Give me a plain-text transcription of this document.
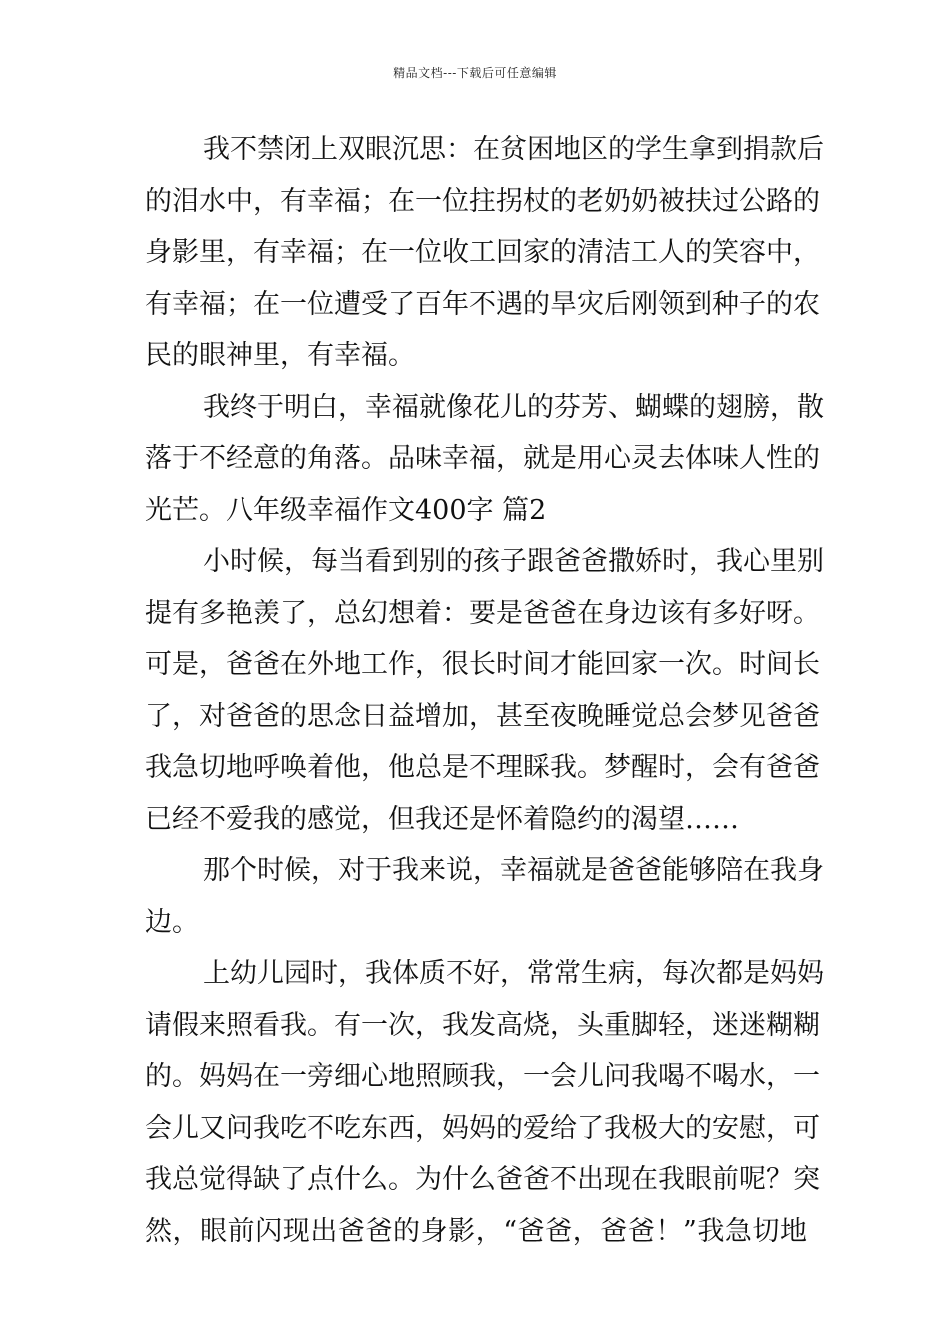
精品文档---下载后可任意编辑
我不禁闭上双眼沉思：在贫困地区的学生拿到捐款后
的泪水中，有幸福；在一位拄拐杖的老奶奶被扶过公路的
身影里，有幸福；在一位收工回家的清洁工人的笑容中，
有幸福；在一位遭受了百年不遇的旱灾后刚领到种子的农
民的眼神里，有幸福。
我终于明白，幸福就像花儿的芬芳、蝴蝶的翅膀，散
落于不经意的角落。品味幸福，就是用心灵去体味人性的
光芒。八年级幸福作文400字 篇2
小时候，每当看到别的孩子跟爸爸撒娇时，我心里别
提有多艳羡了，总幻想着：要是爸爸在身边该有多好呀。
可是，爸爸在外地工作，很长时间才能回家一次。时间长
了，对爸爸的思念日益增加，甚至夜晚睡觉总会梦见爸爸
我急切地呼唤着他，他总是不理睬我。梦醒时，会有爸爸
已经不爱我的感觉，但我还是怀着隐约的渴望……
那个时候，对于我来说，幸福就是爸爸能够陪在我身
边。
上幼儿园时，我体质不好，常常生病，每次都是妈妈
请假来照看我。有一次，我发高烧，头重脚轻，迷迷糊糊
的。妈妈在一旁细心地照顾我，一会儿问我喝不喝水，一
会儿又问我吃不吃东西，妈妈的爱给了我极大的安慰，可
我总觉得缺了点什么。为什么爸爸不出现在我眼前呢？突
然，眼前闪现出爸爸的身影，“爸爸，爸爸！”我急切地
